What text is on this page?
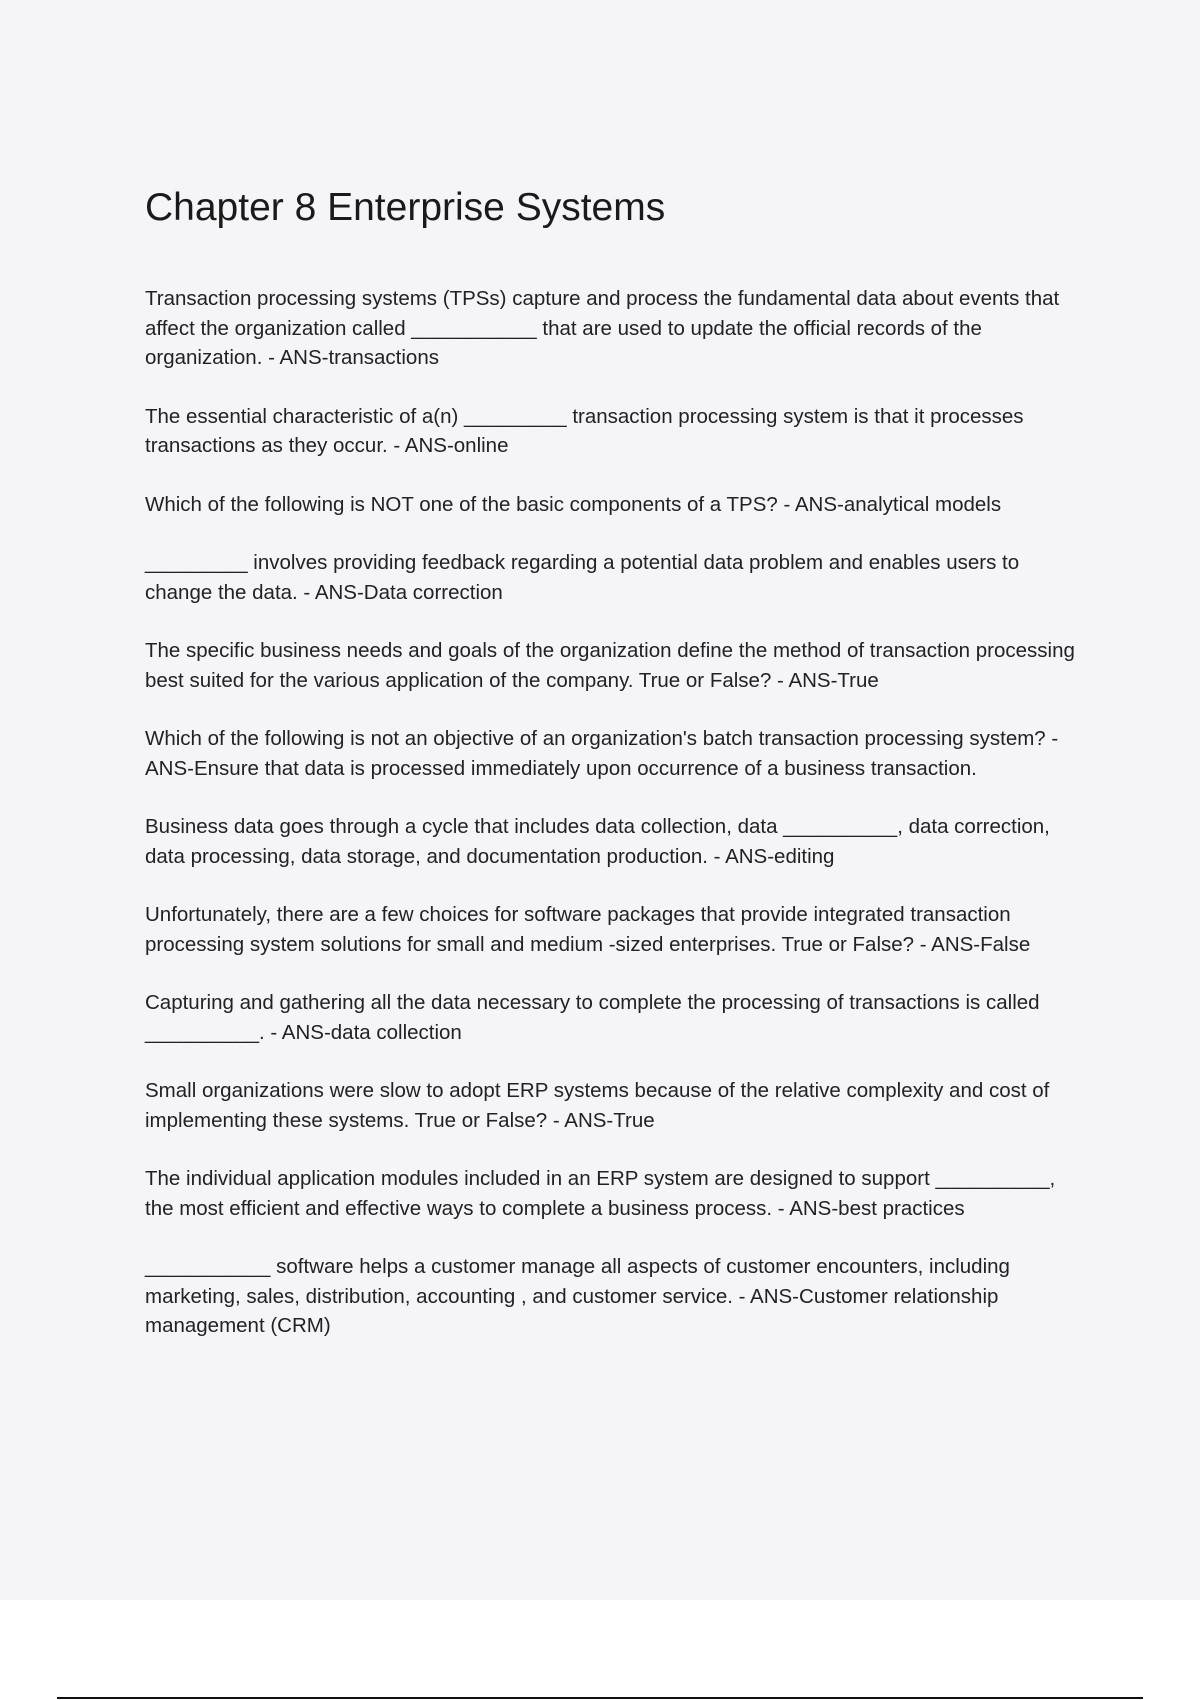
Chapter 8 Enterprise Systems

Transaction processing systems (TPSs) capture and process the fundamental data about events that affect the organization called ___________ that are used to update the official records of the organization. - ANS-transactions

The essential characteristic of a(n) _________ transaction processing system is that it processes transactions as they occur. - ANS-online

Which of the following is NOT one of the basic components of a TPS? - ANS-analytical models

_________ involves providing feedback regarding a potential data problem and enables users to change the data. - ANS-Data correction

The specific business needs and goals of the organization define the method of transaction processing best suited for the various application of the company. True or False? - ANS-True

Which of the following is not an objective of an organization's batch transaction processing system? - ANS-Ensure that data is processed immediately upon occurrence of a business transaction.

Business data goes through a cycle that includes data collection, data __________, data correction, data processing, data storage, and documentation production. - ANS-editing

Unfortunately, there are a few choices for software packages that provide integrated transaction processing system solutions for small and medium -sized enterprises. True or False? - ANS-False

Capturing and gathering all the data necessary to complete the processing of transactions is called __________. - ANS-data collection

Small organizations were slow to adopt ERP systems because of the relative complexity and cost of implementing these systems. True or False? - ANS-True

The individual application modules included in an ERP system are designed to support __________, the most efficient and effective ways to complete a business process. - ANS-best practices

___________ software helps a customer manage all aspects of customer encounters, including marketing, sales, distribution, accounting , and customer service. - ANS-Customer relationship management (CRM)
